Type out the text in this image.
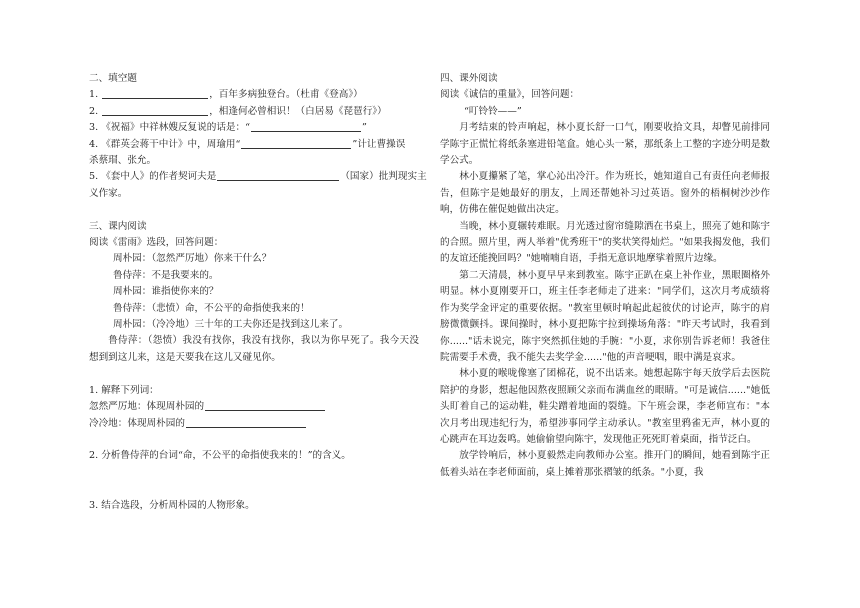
二、填空题

1.	，百年多病独登台。（杜甫《登高》）

2.	，相逢何必曾相识！（白居易《琵琶行》）

3. 《祝福》中祥林嫂反复说的话是：“	”

4. 《群英会蒋干中计》中，周瑜用“	”计让曹操误

杀蔡瑁、张允。

5. 《套中人》的作者契诃夫是	（国家）批判现实主

义作家。

三、课内阅读

阅读《雷雨》选段，回答问题：

周朴园：（忽然严厉地）你来干什么？

鲁侍萍：不是我要来的。

周朴园：谁指使你来的？

鲁侍萍：（悲愤）命，不公平的命指使我来的！

周朴园：（冷冷地）三十年的工夫你还是找到这儿来了。

鲁侍萍：（怨愤）我没有找你，我没有找你，我以为你早死了。我今天没想到到这儿来，这是天要我在这儿又碰见你。

1. 解释下列词：

忽然严厉地：体现周朴园的

冷冷地：体现周朴园的

2. 分析鲁侍萍的台词“命，不公平的命指使我来的！”的含义。

3. 结合选段，分析周朴园的人物形象。

四、课外阅读

阅读《诚信的重量》，回答问题：

“叮铃铃——”

月考结束的铃声响起，林小夏长舒一口气，刚要收拾文具，却瞥见前排同学陈宇正慌忙将纸条塞进铅笔盒。她心头一紧，那纸条上工整的字迹分明是数学公式。

林小夏攥紧了笔，掌心沁出冷汗。作为班长，她知道自己有责任向老师报告，但陈宇是她最好的朋友，上周还帮她补习过英语。窗外的梧桐树沙沙作响，仿佛在催促她做出决定。

当晚，林小夏辗转难眠。月光透过窗帘缝隙洒在书桌上，照亮了她和陈宇的合照。照片里，两人举着"优秀班干"的奖状笑得灿烂。"如果我揭发他，我们的友谊还能挽回吗？"她喃喃自语，手指无意识地摩挲着照片边缘。

第二天清晨，林小夏早早来到教室。陈宇正趴在桌上补作业，黑眼圈格外明显。林小夏刚要开口，班主任李老师走了进来："同学们，这次月考成绩将作为奖学金评定的重要依据。"教室里顿时响起此起彼伏的讨论声，陈宇的肩膀微微颤抖。课间操时，林小夏把陈宇拉到操场角落："昨天考试时，我看到你......"话未说完，陈宇突然抓住她的手腕："小夏，求你别告诉老师！我爸住院需要手术费，我不能失去奖学金......"他的声音哽咽，眼中满是哀求。

林小夏的喉咙像塞了团棉花，说不出话来。她想起陈宇每天放学后去医院陪护的身影，想起他因熬夜照顾父亲而布满血丝的眼睛。"可是诚信......"她低头盯着自己的运动鞋，鞋尖蹭着地面的裂缝。下午班会课，李老师宣布："本次月考出现违纪行为，希望涉事同学主动承认。"教室里鸦雀无声，林小夏的心跳声在耳边轰鸣。她偷偷望向陈宇，发现他正死死盯着桌面，指节泛白。

放学铃响后，林小夏毅然走向教师办公室。推开门的瞬间，她看到陈宇正低着头站在李老师面前，桌上摊着那张褶皱的纸条。"小夏，我
